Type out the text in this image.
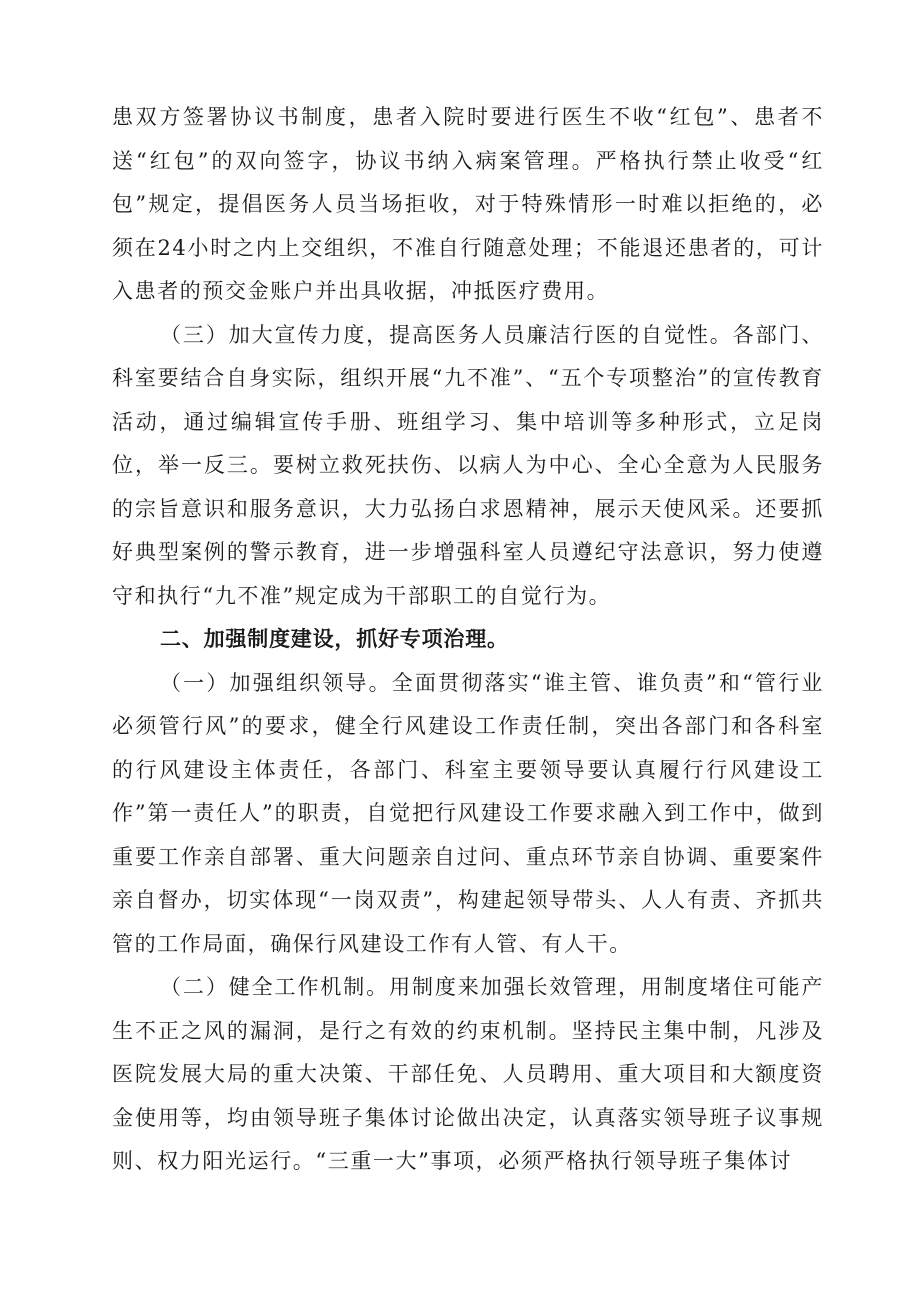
患双方签署协议书制度，患者入院时要进行医生不收“红包”、患者不送“红包”的双向签字，协议书纳入病案管理。严格执行禁止收受“红包”规定，提倡医务人员当场拒收，对于特殊情形一时难以拒绝的，必须在24小时之内上交组织，不准自行随意处理；不能退还患者的，可计入患者的预交金账户并出具收据，冲抵医疗费用。

（三）加大宣传力度，提高医务人员廉洁行医的自觉性。各部门、科室要结合自身实际，组织开展“九不准”、“五个专项整治”的宣传教育活动，通过编辑宣传手册、班组学习、集中培训等多种形式，立足岗位，举一反三。要树立救死扶伤、以病人为中心、全心全意为人民服务的宗旨意识和服务意识，大力弘扬白求恩精神，展示天使风采。还要抓好典型案例的警示教育，进一步增强科室人员遵纪守法意识，努力使遵守和执行“九不准”规定成为干部职工的自觉行为。

二、加强制度建设，抓好专项治理。

（一）加强组织领导。全面贯彻落实“谁主管、谁负责”和“管行业必须管行风”的要求，健全行风建设工作责任制，突出各部门和各科室的行风建设主体责任，各部门、科室主要领导要认真履行行风建设工作”第一责任人”的职责，自觉把行风建设工作要求融入到工作中，做到重要工作亲自部署、重大问题亲自过问、重点环节亲自协调、重要案件亲自督办，切实体现“一岗双责”，构建起领导带头、人人有责、齐抓共管的工作局面，确保行风建设工作有人管、有人干。

（二）健全工作机制。用制度来加强长效管理，用制度堵住可能产生不正之风的漏洞，是行之有效的约束机制。坚持民主集中制，凡涉及医院发展大局的重大决策、干部任免、人员聘用、重大项目和大额度资金使用等，均由领导班子集体讨论做出决定，认真落实领导班子议事规则、权力阳光运行。“三重一大”事项，必须严格执行领导班子集体讨
